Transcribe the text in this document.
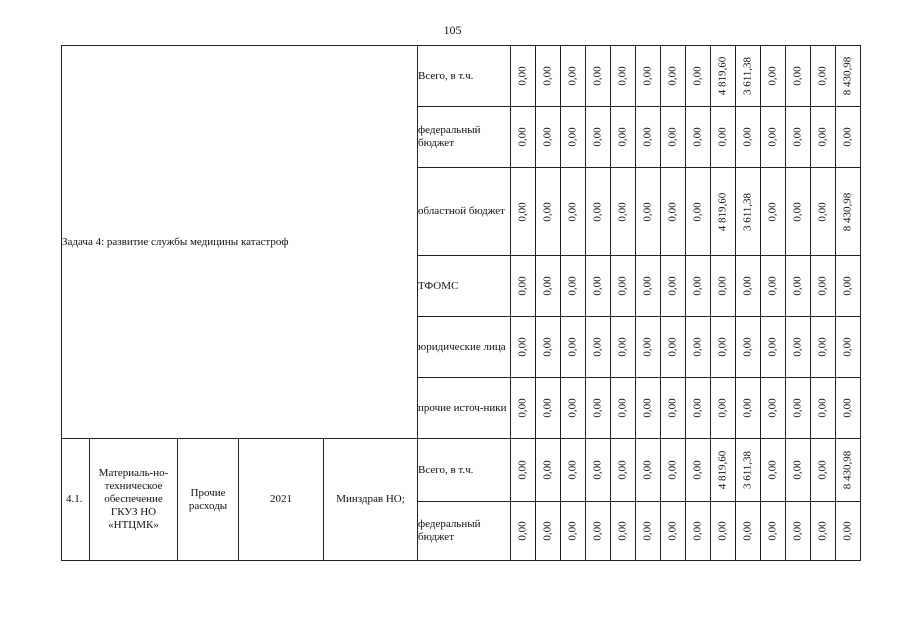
105
Задача 4: развитие службы медицины катастроф					Всего, в т.ч.	0,00	0,00	0,00	0,00	0,00	0,00	0,00	0,00	4 819,60	3 611,38	0,00	0,00	0,00	8 430,98

					федеральный бюджет	0,00	0,00	0,00	0,00	0,00	0,00	0,00	0,00	0,00	0,00	0,00	0,00	0,00	0,00

					областной бюджет	0,00	0,00	0,00	0,00	0,00	0,00	0,00	0,00	4 819,60	3 611,38	0,00	0,00	0,00	8 430,98

					ТФОМС	0,00	0,00	0,00	0,00	0,00	0,00	0,00	0,00	0,00	0,00	0,00	0,00	0,00	0,00

					юридические лица	0,00	0,00	0,00	0,00	0,00	0,00	0,00	0,00	0,00	0,00	0,00	0,00	0,00	0,00

					прочие источ-ники	0,00	0,00	0,00	0,00	0,00	0,00	0,00	0,00	0,00	0,00	0,00	0,00	0,00	0,00

4.1.	Материаль-но-техническое обеспечение ГКУЗ НО «НТЦМК»	Прочие расходы	2021	Минздрав НО;	Всего, в т.ч.	0,00	0,00	0,00	0,00	0,00	0,00	0,00	0,00	4 819,60	3 611,38	0,00	0,00	0,00	8 430,98

					федеральный бюджет	0,00	0,00	0,00	0,00	0,00	0,00	0,00	0,00	0,00	0,00	0,00	0,00	0,00	0,00
